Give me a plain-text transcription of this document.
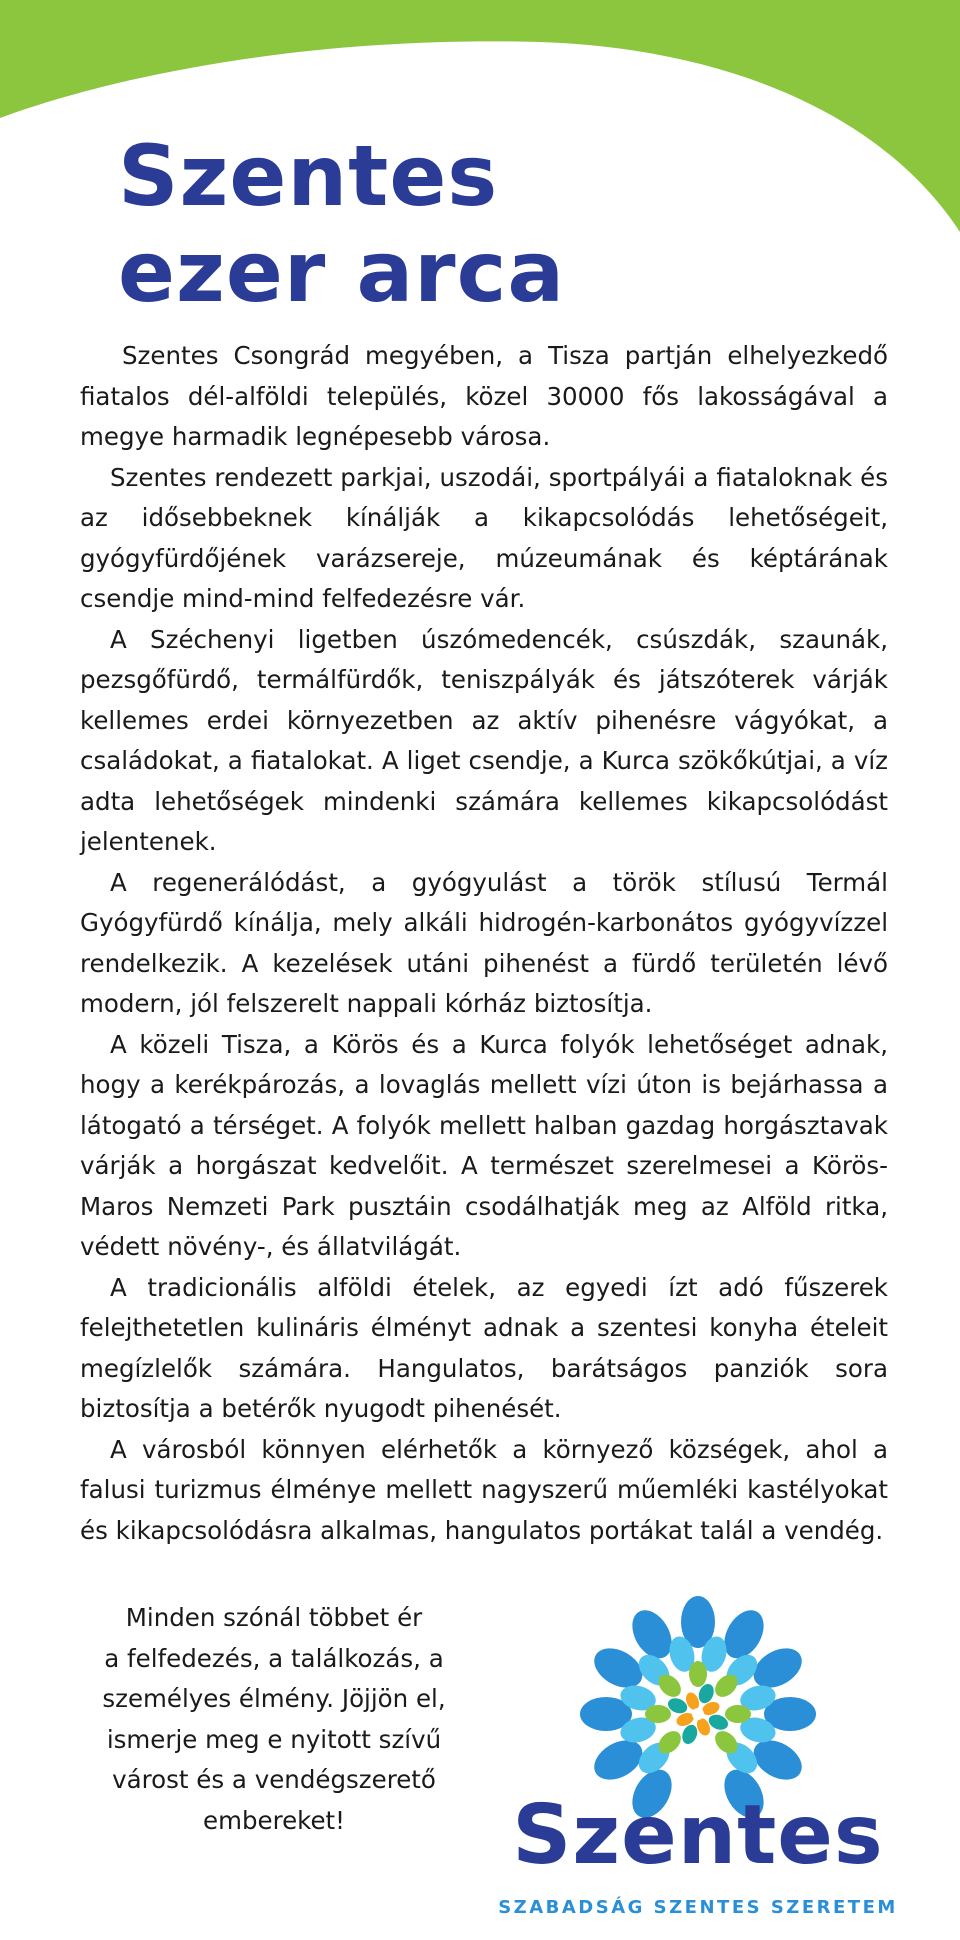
Szentes
ezer arca

Szentes Csongrád megyében, a Tisza partján elhelyezkedő fiatalos dél-alföldi település, közel 30000 fős lakosságával a megye harmadik legnépesebb városa.

Szentes rendezett parkjai, uszodái, sportpályái a fiataloknak és az idősebbeknek kínálják a kikapcsolódás lehetőségeit, gyógyfürdőjének varázsereje, múzeumának és képtárának csendje mind-mind felfedezésre vár.

A Széchenyi ligetben úszómedencék, csúszdák, szaunák, pezsgőfürdő, termálfürdők, teniszpályák és játszóterek várják kellemes erdei környezetben az aktív pihenésre vágyókat, a családokat, a fiatalokat. A liget csendje, a Kurca szökőkútjai, a víz adta lehetőségek mindenki számára kellemes kikapcsolódást jelentenek.

A regenerálódást, a gyógyulást a török stílusú Termál Gyógyfürdő kínálja, mely alkáli hidrogén-karbonátos gyógyvízzel rendelkezik. A kezelések utáni pihenést a fürdő területén lévő modern, jól felszerelt nappali kórház biztosítja.

A közeli Tisza, a Körös és a Kurca folyók lehetőséget adnak, hogy a kerékpározás, a lovaglás mellett vízi úton is bejárhassa a látogató a térséget. A folyók mellett halban gazdag horgásztavak várják a horgászat kedvelőit. A természet szerelmesei a Körös-Maros Nemzeti Park pusztáin csodálhatják meg az Alföld ritka, védett növény-, és állatvilágát.

A tradicionális alföldi ételek, az egyedi ízt adó fűszerek felejthetetlen kulináris élményt adnak a szentesi konyha ételeit megízlelők számára. Hangulatos, barátságos panziók sora biztosítja a betérők nyugodt pihenését.

A városból könnyen elérhetők a környező községek, ahol a falusi turizmus élménye mellett nagyszerű műemléki kastélyokat és kikapcsolódásra alkalmas, hangulatos portákat talál a vendég.

Minden szónál többet ér
a felfedezés, a találkozás, a
személyes élmény. Jöjjön el,
ismerje meg e nyitott szívű
várost és a vendégszerető
embereket!	Szentes
SZABADSÁG SZENTES SZERETEM
